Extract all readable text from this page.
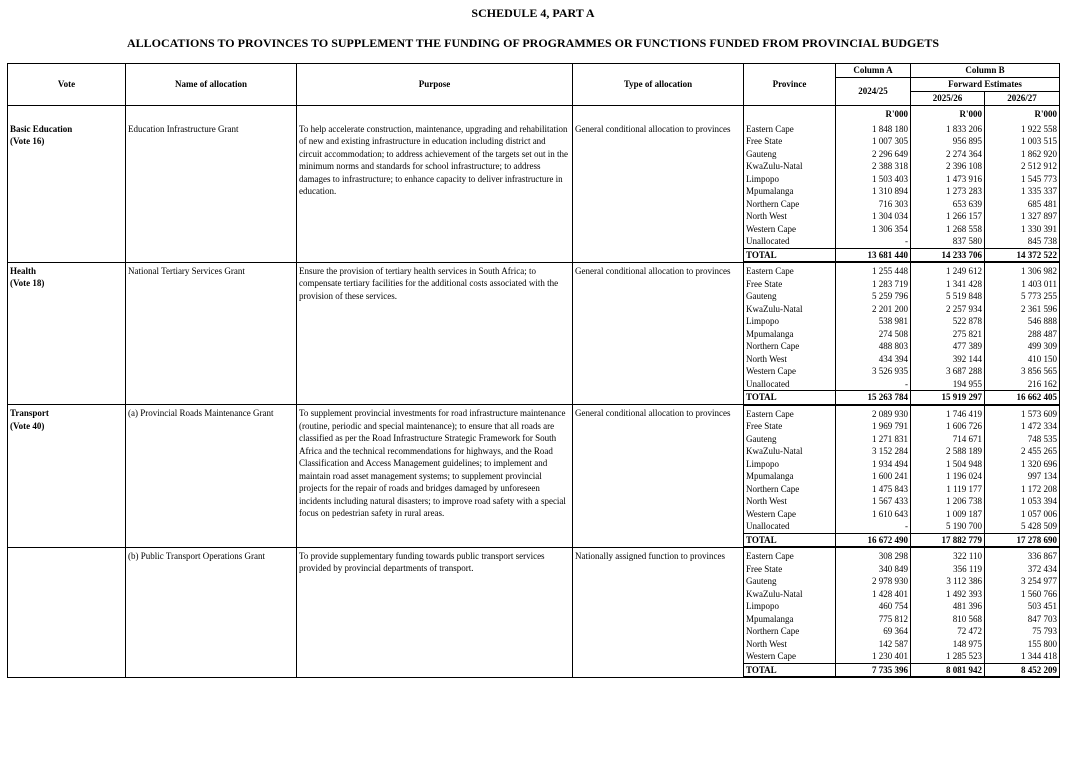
SCHEDULE 4, PART A
ALLOCATIONS TO PROVINCES TO SUPPLEMENT THE FUNDING OF PROGRAMMES OR FUNCTIONS FUNDED FROM PROVINCIAL BUDGETS
Vote	Name of allocation	Purpose	Type of allocation	Province	Column A	Column B	
					2024/25	Forward Estimates	
						2025/26	2026/27
					R'000	R'000	R'000

Basic Education
(Vote 16)	Education Infrastructure Grant	To help accelerate construction, maintenance, upgrading and rehabilitation of new and existing infrastructure in education including district and circuit accommodation; to address achievement of the targets set out in the minimum norms and standards for school infrastructure; to address damages to infrastructure; to enhance capacity to deliver infrastructure in education.	General conditional allocation to provinces	Eastern Cape	1 848 180	1 833 206	1 922 558
				Free State	1 007 305	956 895	1 003 515
				Gauteng	2 296 649	2 274 364	1 862 920
				KwaZulu-Natal	2 388 318	2 396 108	2 512 912
				Limpopo	1 503 403	1 473 916	1 545 773
				Mpumalanga	1 310 894	1 273 283	1 335 337
				Northern Cape	716 303	653 639	685 481
				North West	1 304 034	1 266 157	1 327 897
				Western Cape	1 306 354	1 268 558	1 330 391
				Unallocated	-	837 580	845 738
				TOTAL	13 681 440	14 233 706	14 372 522

Health
(Vote 18)	National Tertiary Services Grant	Ensure the provision of tertiary health services in South Africa; to compensate tertiary facilities for the additional costs associated with the provision of these services.	General conditional allocation to provinces	Eastern Cape	1 255 448	1 249 612	1 306 982
				Free State	1 283 719	1 341 428	1 403 011
				Gauteng	5 259 796	5 519 848	5 773 255
				KwaZulu-Natal	2 201 200	2 257 934	2 361 596
				Limpopo	538 981	522 878	546 888
				Mpumalanga	274 508	275 821	288 487
				Northern Cape	488 803	477 389	499 309
				North West	434 394	392 144	410 150
				Western Cape	3 526 935	3 687 288	3 856 565
				Unallocated	-	194 955	216 162
				TOTAL	15 263 784	15 919 297	16 662 405

Transport
(Vote 40)	(a) Provincial Roads Maintenance Grant	To supplement provincial investments for road infrastructure maintenance (routine, periodic and special maintenance); to ensure that all roads are classified as per the Road Infrastructure Strategic Framework for South Africa and the technical recommendations for highways, and the Road Classification and Access Management guidelines; to implement and maintain road asset management systems; to supplement provincial projects for the repair of roads and bridges damaged by unforeseen incidents including natural disasters; to improve road safety with a special focus on pedestrian safety in rural areas.	General conditional allocation to provinces	Eastern Cape	2 089 930	1 746 419	1 573 609
				Free State	1 969 791	1 606 726	1 472 334
				Gauteng	1 271 831	714 671	748 535
				KwaZulu-Natal	3 152 284	2 588 189	2 455 265
				Limpopo	1 934 494	1 504 948	1 320 696
				Mpumalanga	1 600 241	1 196 024	997 134
				Northern Cape	1 475 843	1 119 177	1 172 208
				North West	1 567 433	1 206 738	1 053 394
				Western Cape	1 610 643	1 009 187	1 057 006
				Unallocated	-	5 190 700	5 428 509
				TOTAL	16 672 490	17 882 779	17 278 690

	(b) Public Transport Operations Grant	To provide supplementary funding towards public transport services provided by provincial departments of transport.	Nationally assigned function to provinces	Eastern Cape	308 298	322 110	336 867
				Free State	340 849	356 119	372 434
				Gauteng	2 978 930	3 112 386	3 254 977
				KwaZulu-Natal	1 428 401	1 492 393	1 560 766
				Limpopo	460 754	481 396	503 451
				Mpumalanga	775 812	810 568	847 703
				Northern Cape	69 364	72 472	75 793
				North West	142 587	148 975	155 800
				Western Cape	1 230 401	1 285 523	1 344 418
				TOTAL	7 735 396	8 081 942	8 452 209
